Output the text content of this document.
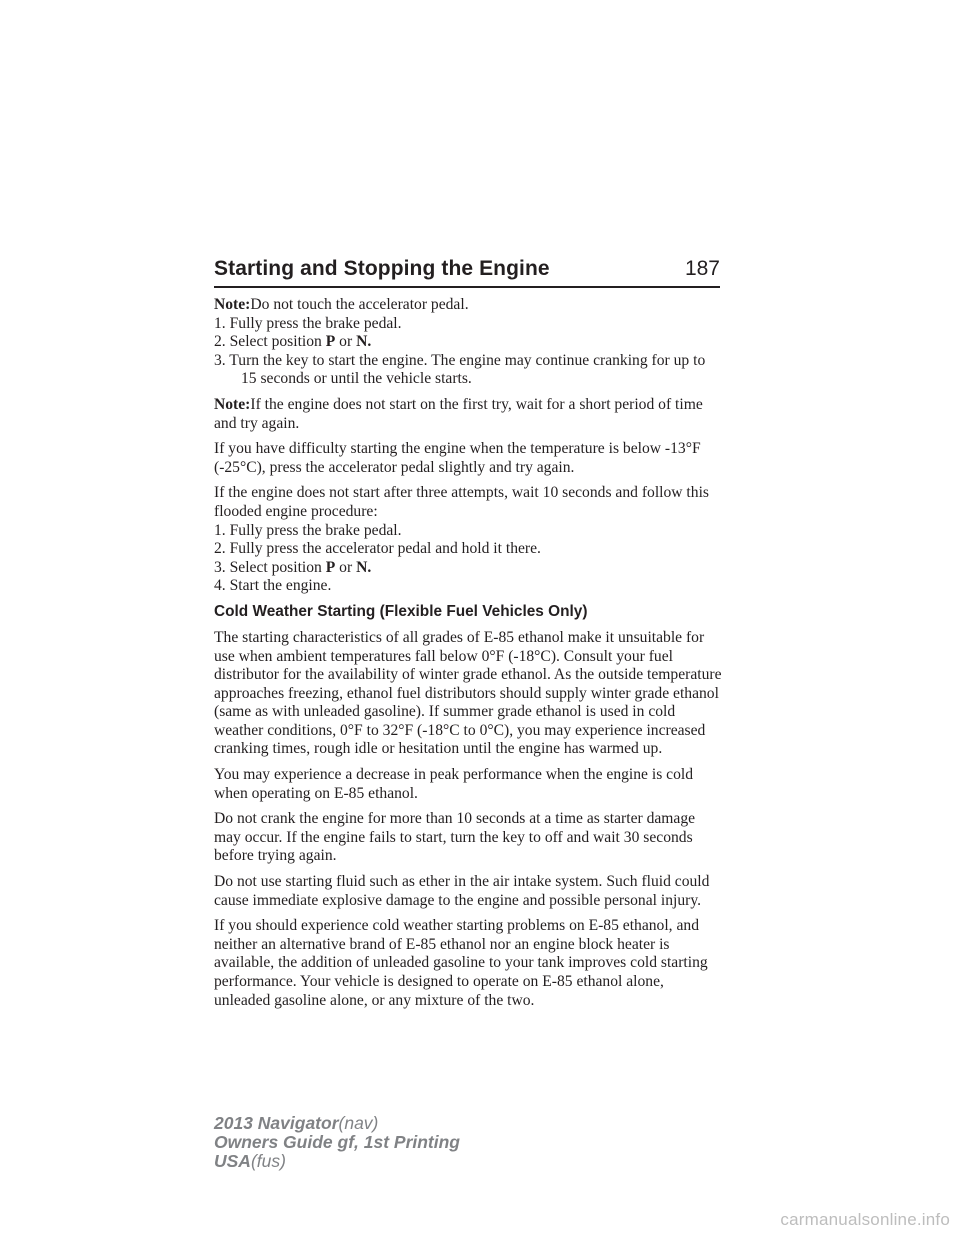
Starting and Stopping the Engine	187

Note:Do not touch the accelerator pedal.

1. Fully press the brake pedal.
2. Select position P or N.
3. Turn the key to start the engine. The engine may continue cranking for up to 15 seconds or until the vehicle starts.

Note:If the engine does not start on the first try, wait for a short period of time and try again.

If you have difficulty starting the engine when the temperature is below -13°F (-25°C), press the accelerator pedal slightly and try again.

If the engine does not start after three attempts, wait 10 seconds and follow this flooded engine procedure:

1. Fully press the brake pedal.
2. Fully press the accelerator pedal and hold it there.
3. Select position P or N.
4. Start the engine.
Cold Weather Starting (Flexible Fuel Vehicles Only)

The starting characteristics of all grades of E-85 ethanol make it unsuitable for use when ambient temperatures fall below 0°F (-18°C). Consult your fuel distributor for the availability of winter grade ethanol. As the outside temperature approaches freezing, ethanol fuel distributors should supply winter grade ethanol (same as with unleaded gasoline). If summer grade ethanol is used in cold weather conditions, 0°F to 32°F (-18°C to 0°C), you may experience increased cranking times, rough idle or hesitation until the engine has warmed up.

You may experience a decrease in peak performance when the engine is cold when operating on E-85 ethanol.

Do not crank the engine for more than 10 seconds at a time as starter damage may occur. If the engine fails to start, turn the key to off and wait 30 seconds before trying again.

Do not use starting fluid such as ether in the air intake system. Such fluid could cause immediate explosive damage to the engine and possible personal injury.

If you should experience cold weather starting problems on E-85 ethanol, and neither an alternative brand of E-85 ethanol nor an engine block heater is available, the addition of unleaded gasoline to your tank improves cold starting performance. Your vehicle is designed to operate on E-85 ethanol alone, unleaded gasoline alone, or any mixture of the two.

2013 Navigator(nav)
Owners Guide gf, 1st Printing
USA(fus)
carmanualsonline.info
